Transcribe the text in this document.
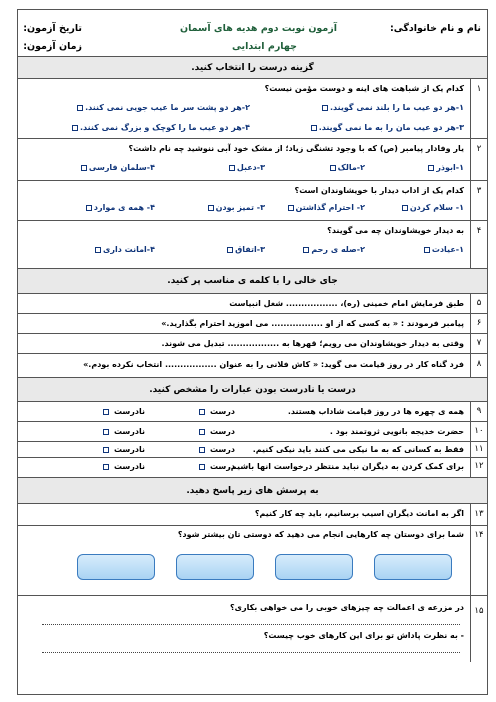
نام و نام خانوادگی:
آزمون نوبت دوم هدیه های آسمان
چهارم ابتدایی
تاریخ آزمون:
زمان آزمون:
گزینه درست را انتخاب کنید.
۱
کدام یک از شباهت های اینه و دوست مؤمن نیست؟
۱-هر دو عیب ما را بلند نمی گویند.
۲-هر دو پشت سر ما عیب جویی نمی کنند.
۳-هر دو عیب مان را به ما نمی گویند.
۴-هر دو عیب ما را کوچک و بزرگ نمی کنند.
۲
یار وفادار پیامبر (ص) که با وجود تشنگی زیاد؛ از مشک خود آبی ننوشید چه نام داشت؟
۱-ابوذر
۲-مالک
۳-دعبل
۴-سلمان فارسی
۳
کدام یک از اداب دیدار با خویشاوندان است؟
۱- سلام کردن
۲- احترام گذاشتن
۳- تمیز بودن
۴- همه ی موارد
۴
به دیدار خویشاوندان چه می گویند؟
۱-عیادت
۲-صله ی رحم
۳-اتفاق
۴-امانت داری
جای خالی را با کلمه ی مناسب پر کنید.
۵
طبق فرمایش امام خمینی (ره)، ................. شغل انبیاست
۶
پیامبر فرمودند : « به کسی که از او ................. می اموزید احترام بگذارید.»
۷
وقتی به دیدار خویشاوندان می رویم؛ قهرها به ................. تبدیل می شوند.
۸
فرد گناه کار در روز قیامت می گوید: « کاش فلانی را به عنوان ................. انتخاب نکرده بودم.»
درست یا نادرست بودن عبارات را مشخص کنید.
۹
همه ی چهره ها در روز قیامت شاداب هستند.
درست
نادرست
۱۰
حضرت خدیجه بانویی ثروتمند بود .
درست
نادرست
۱۱
فقط به کسانی که به ما نیکی می کنند باید نیکی کنیم.
درست
نادرست
۱۲
برای کمک کردن به دیگران نباید منتظر درخواست انها باشیم.
درست
نادرست
به پرسش های زیر پاسخ دهید.
۱۳
اگر به امانت دیگران اسیب برسانیم، باید چه کار کنیم؟
۱۴
شما برای دوستان چه کارهایی انجام می دهید که دوستی تان بیشتر شود؟
۱۵
در مزرعه ی اعمالت چه چیزهای خوبی را می خواهی بکاری؟
- به نظرت پاداش تو برای این کارهای خوب چیست؟
